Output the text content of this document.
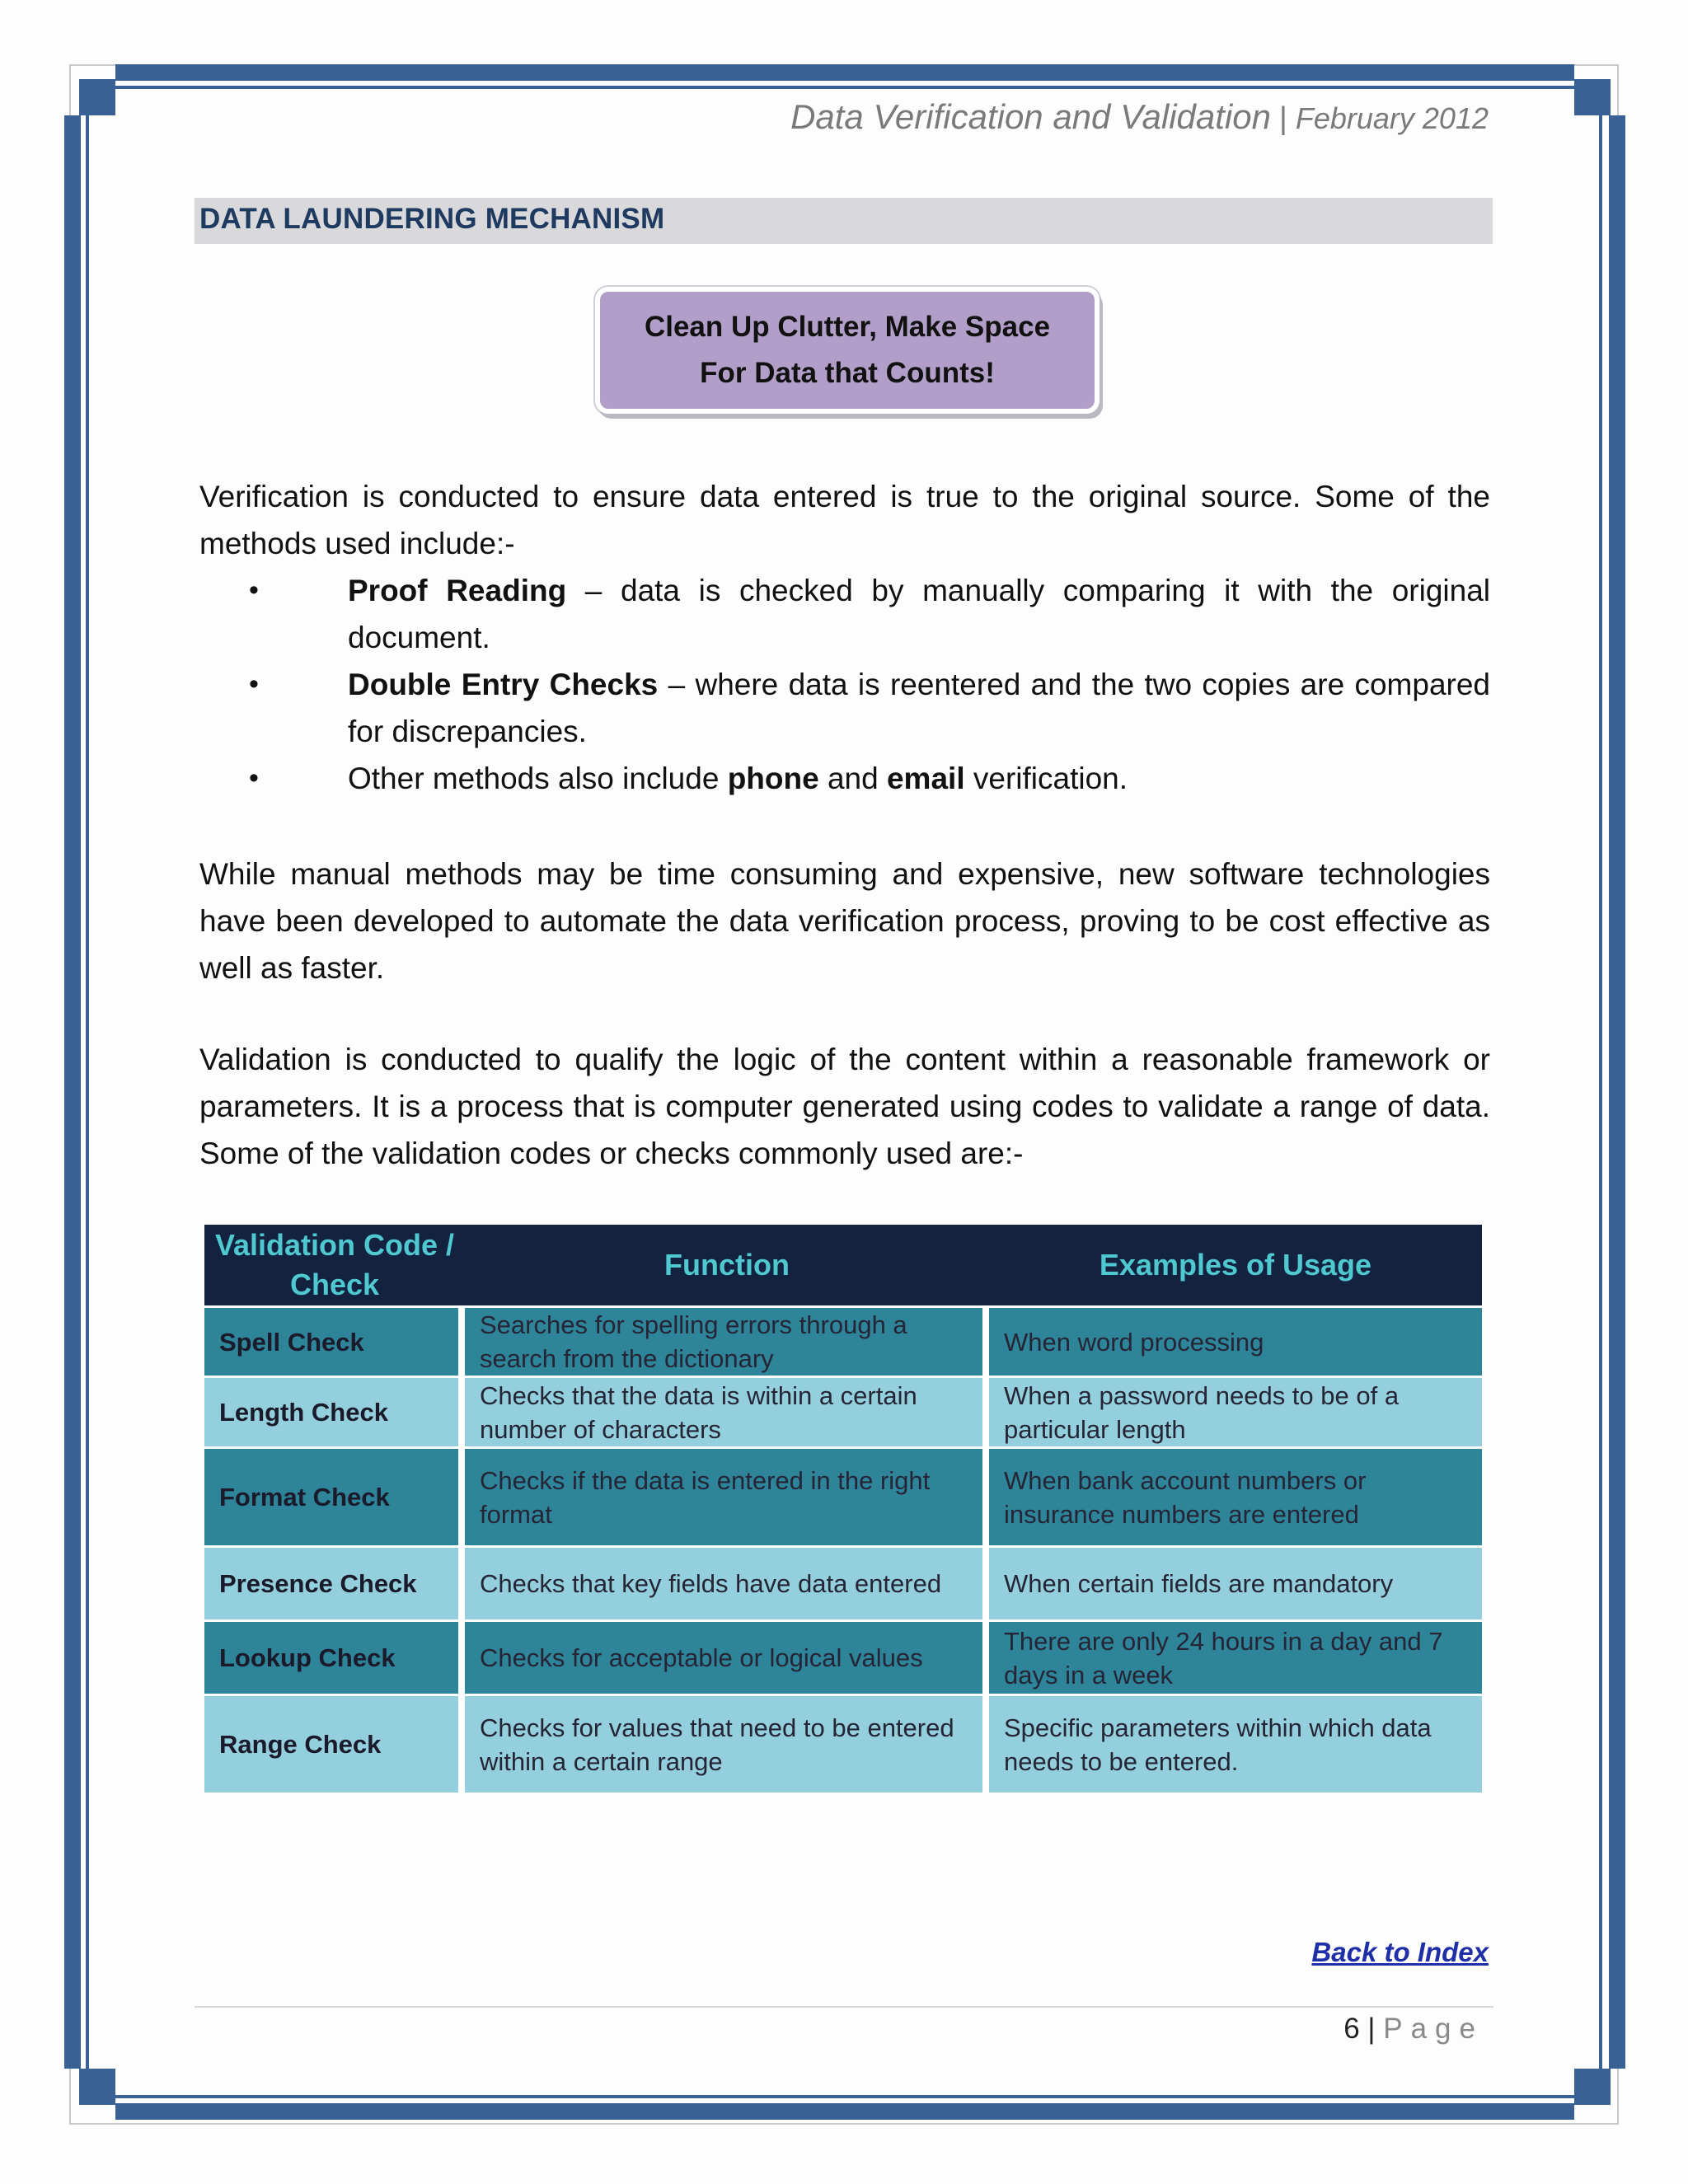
Data Verification and Validation | February 2012
DATA LAUNDERING MECHANISM
Clean Up Clutter, Make Space
For Data that Counts!

Verification is conducted to ensure data entered is true to the original source. Some of the methods used include:-

•	Proof Reading – data is checked by manually comparing it with the original document.
•	Double Entry Checks – where data is reentered and the two copies are compared for discrepancies.
•	Other methods also include phone and email verification.

While manual methods may be time consuming and expensive, new software technologies have been developed to automate the data verification process, proving to be cost effective as well as faster.

Validation is conducted to qualify the logic of the content within a reasonable framework or parameters. It is a process that is computer generated using codes to validate a range of data. Some of the validation codes or checks commonly used are:-

Validation Code / Check	Function	Examples of Usage
Spell Check	Searches for spelling errors through a search from the dictionary	When word processing
Length Check	Checks that the data is within a certain number of characters	When a password needs to be of a particular length
Format Check	Checks if the data is entered in the right format	When bank account numbers or insurance numbers are entered
Presence Check	Checks that key fields have data entered	When certain fields are mandatory
Lookup Check	Checks for acceptable or logical values	There are only 24 hours in a day and 7 days in a week
Range Check	Checks for values that need to be entered within a certain range	Specific parameters within which data needs to be entered.
Back to Index
6 | Page
